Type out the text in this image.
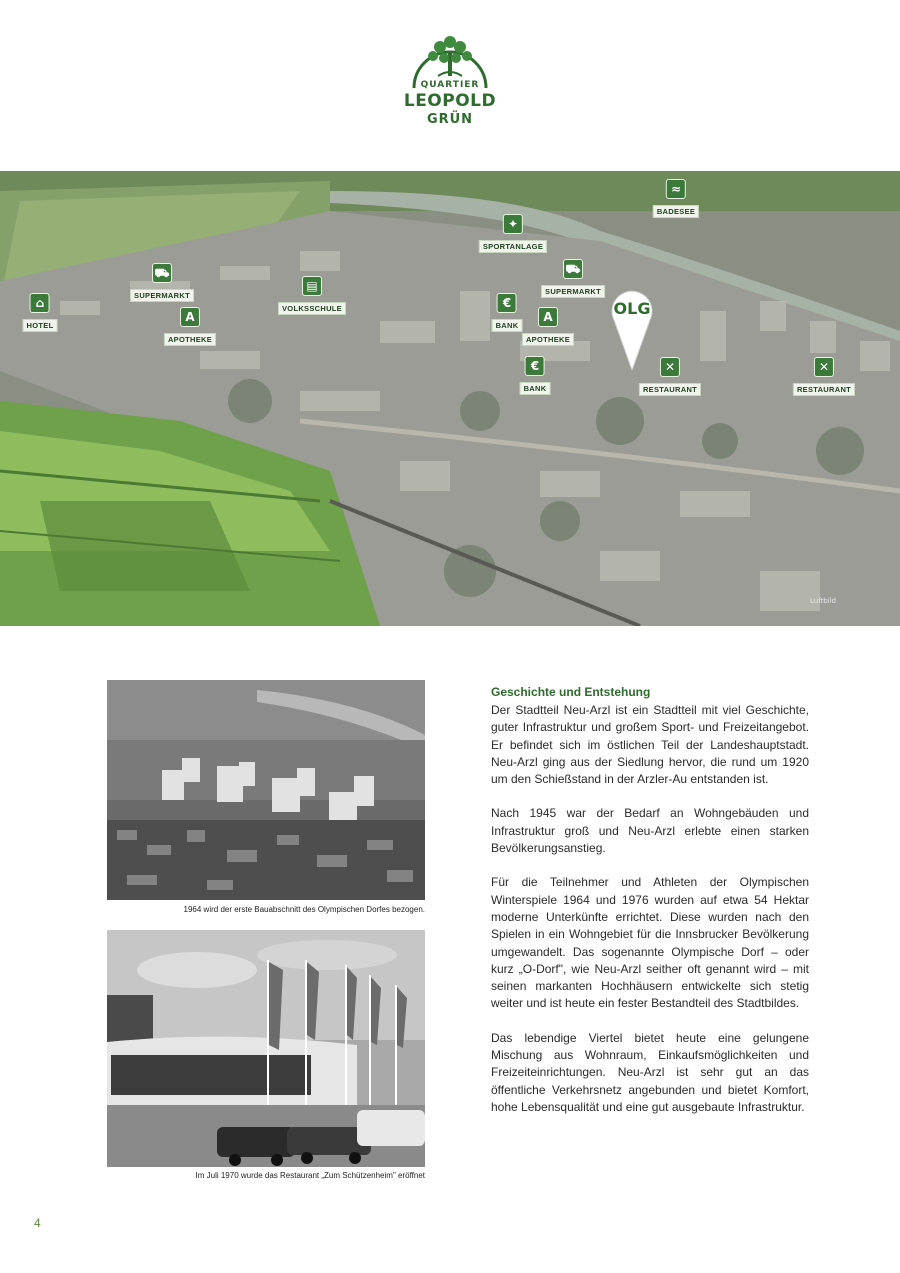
QUARTIER
LEOPOLD
GRÜN
Luftbild
≈
BADESEE
✦
SPORTANLAGE
⛟
SUPERMARKT
⛟
SUPERMARKT
▤
VOLKSSCHULE
⌂
HOTEL
A
APOTHEKE
A
APOTHEKE
€
BANK
€
BANK
✕
RESTAURANT
✕
RESTAURANT
OLG
1964 wird der erste Bauabschnitt des Olympischen Dorfes bezogen.
Im Juli 1970 wurde das Restaurant „Zum Schützenheim" eröffnet
Geschichte und Entstehung

Der Stadtteil Neu-Arzl ist ein Stadtteil mit viel Geschichte, guter Infrastruktur und großem Sport- und Freizeitangebot. Er befindet sich im östlichen Teil der Landeshauptstadt. Neu-Arzl ging aus der Siedlung hervor, die rund um 1920 um den Schießstand in der Arzler-Au entstanden ist.

Nach 1945 war der Bedarf an Wohngebäuden und Infrastruktur groß und Neu-Arzl erlebte einen starken Bevölkerungsanstieg.

Für die Teilnehmer und Athleten der Olympischen Winterspiele 1964 und 1976 wurden auf etwa 54 Hektar moderne Unterkünfte errichtet. Diese wurden nach den Spielen in ein Wohngebiet für die Innsbrucker Bevölkerung umgewandelt. Das sogenannte Olympische Dorf – oder kurz „O-Dorf", wie Neu-Arzl seither oft genannt wird – mit seinen markanten Hochhäusern entwickelte sich stetig weiter und ist heute ein fester Bestandteil des Stadtbildes.

Das lebendige Viertel bietet heute eine gelungene Mischung aus Wohnraum, Einkaufsmöglichkeiten und Freizeiteinrichtungen. Neu-Arzl ist sehr gut an das öffentliche Verkehrsnetz angebunden und bietet Komfort, hohe Lebensqualität und eine gut ausgebaute Infrastruktur.

4
